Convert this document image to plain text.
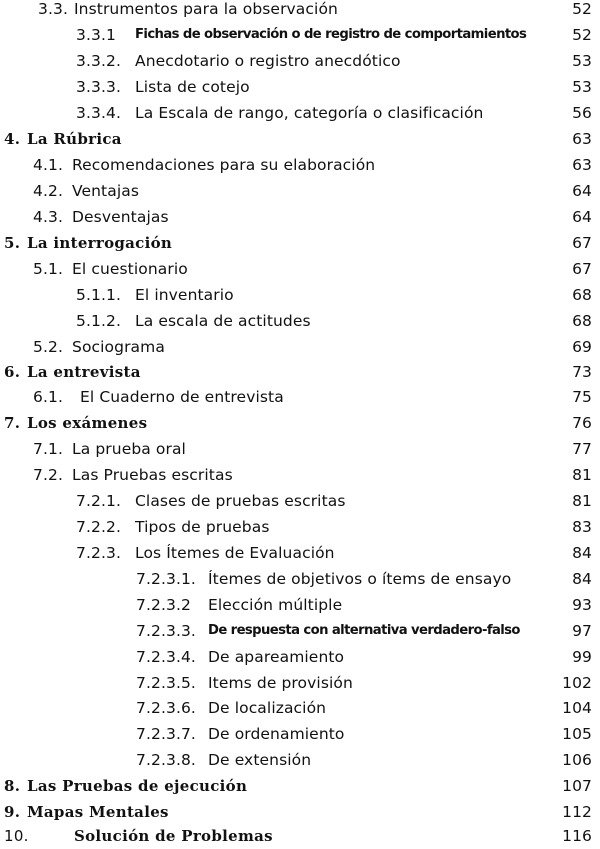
3.3. Instrumentos para la observación	52
3.3.1 Fichas de observación o de registro de comportamientos	52
3.3.2. Anecdotario o registro anecdótico	53
3.3.3. Lista de cotejo	53
3.3.4. La Escala de rango, categoría o clasificación	56
4. La Rúbrica	63
4.1. Recomendaciones para su elaboración	63
4.2. Ventajas	64
4.3. Desventajas	64
5. La interrogación	67
5.1. El cuestionario	67
5.1.1. El inventario	68
5.1.2. La escala de actitudes	68
5.2. Sociograma	69
6. La entrevista	73
6.1. El Cuaderno de entrevista	75
7. Los exámenes	76
7.1. La prueba oral	77
7.2. Las Pruebas escritas	81
7.2.1. Clases de pruebas escritas	81
7.2.2. Tipos de pruebas	83
7.2.3. Los Ítemes de Evaluación	84
7.2.3.1. Ítemes de objetivos o ítems de ensayo	84
7.2.3.2 Elección múltiple	93
7.2.3.3. De respuesta con alternativa verdadero-falso	97
7.2.3.4. De apareamiento	99
7.2.3.5. Items de provisión	102
7.2.3.6. De localización	104
7.2.3.7. De ordenamiento	105
7.2.3.8. De extensión	106
8. Las Pruebas de ejecución	107
9. Mapas Mentales	112
10.	Solución de Problemas	116
